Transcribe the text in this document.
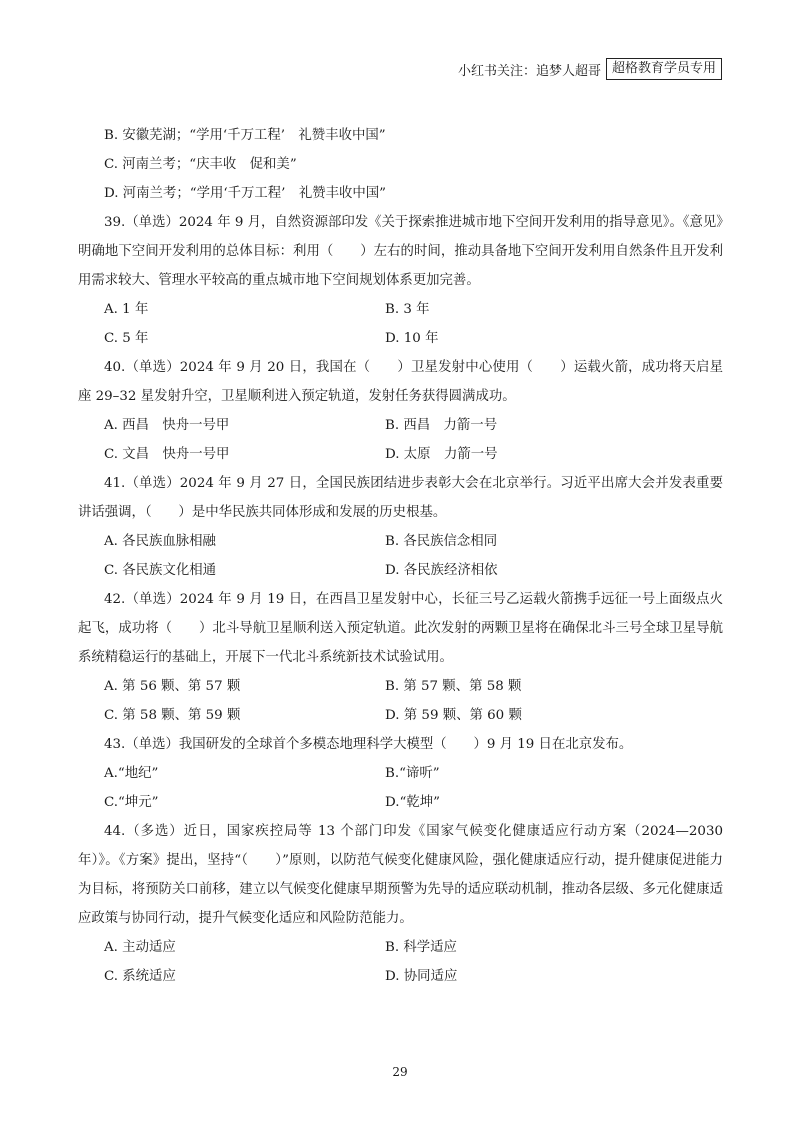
小红书关注：追梦人超哥 超格教育学员专用
B. 安徽芜湖；“学用‘千万工程’　礼赞丰收中国”
C. 河南兰考；“庆丰收　促和美”
D. 河南兰考；“学用‘千万工程’　礼赞丰收中国”
39.（单选）2024 年 9 月，自然资源部印发《关于探索推进城市地下空间开发利用的指导意见》。《意见》明确地下空间开发利用的总体目标：利用（　　）左右的时间，推动具备地下空间开发利用自然条件且开发利用需求较大、管理水平较高的重点城市地下空间规划体系更加完善。
A. 1 年	B. 3 年
C. 5 年	D. 10 年
40.（单选）2024 年 9 月 20 日，我国在（　　）卫星发射中心使用（　　）运载火箭，成功将天启星座 29–32 星发射升空，卫星顺利进入预定轨道，发射任务获得圆满成功。
A. 西昌　快舟一号甲	B. 西昌　力箭一号
C. 文昌　快舟一号甲	D. 太原　力箭一号
41.（单选）2024 年 9 月 27 日，全国民族团结进步表彰大会在北京举行。习近平出席大会并发表重要讲话强调，（　　）是中华民族共同体形成和发展的历史根基。
A. 各民族血脉相融	B. 各民族信念相同
C. 各民族文化相通	D. 各民族经济相依
42.（单选）2024 年 9 月 19 日，在西昌卫星发射中心，长征三号乙运载火箭携手远征一号上面级点火起飞，成功将（　　）北斗导航卫星顺利送入预定轨道。此次发射的两颗卫星将在确保北斗三号全球卫星导航系统精稳运行的基础上，开展下一代北斗系统新技术试验试用。
A. 第 56 颗、第 57 颗	B. 第 57 颗、第 58 颗
C. 第 58 颗、第 59 颗	D. 第 59 颗、第 60 颗
43.（单选）我国研发的全球首个多模态地理科学大模型（　　）9 月 19 日在北京发布。
A.“地纪”	B.“谛听”
C.“坤元”	D.“乾坤”
44.（多选）近日，国家疾控局等 13 个部门印发《国家气候变化健康适应行动方案（2024—2030 年）》。《方案》提出，坚持“（　　）”原则，以防范气候变化健康风险，强化健康适应行动，提升健康促进能力为目标，将预防关口前移，建立以气候变化健康早期预警为先导的适应联动机制，推动各层级、多元化健康适应政策与协同行动，提升气候变化适应和风险防范能力。
A. 主动适应	B. 科学适应
C. 系统适应	D. 协同适应
29
